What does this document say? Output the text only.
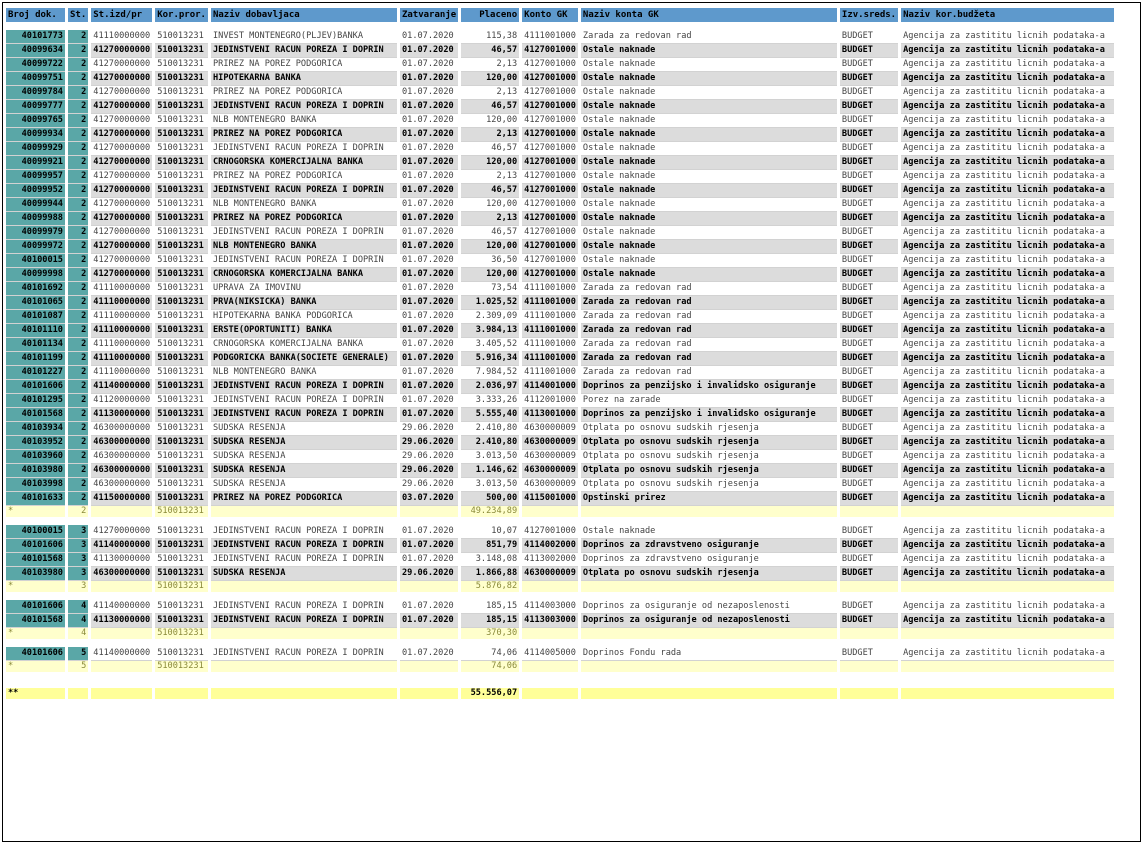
Broj dok.	St.	St.izd/pr	Kor.pror.	Naziv dobavljaca	Zatvaranje	Placeno	Konto GK	Naziv konta GK	Izv.sreds.	Naziv kor.budžeta

40101773	2	41110000000	510013231	INVEST MONTENEGRO(PLJEV)BANKA	01.07.2020	115,38	4111001000	Zarada za redovan rad	BUDGET	Agencija za zastititu licnih podataka-a
40099634	2	41270000000	510013231	JEDINSTVENI RACUN POREZA I DOPRIN	01.07.2020	46,57	4127001000	Ostale naknade	BUDGET	Agencija za zastititu licnih podataka-a
40099722	2	41270000000	510013231	PRIREZ NA POREZ PODGORICA	01.07.2020	2,13	4127001000	Ostale naknade	BUDGET	Agencija za zastititu licnih podataka-a
40099751	2	41270000000	510013231	HIPOTEKARNA BANKA	01.07.2020	120,00	4127001000	Ostale naknade	BUDGET	Agencija za zastititu licnih podataka-a
40099784	2	41270000000	510013231	PRIREZ NA POREZ PODGORICA	01.07.2020	2,13	4127001000	Ostale naknade	BUDGET	Agencija za zastititu licnih podataka-a
40099777	2	41270000000	510013231	JEDINSTVENI RACUN POREZA I DOPRIN	01.07.2020	46,57	4127001000	Ostale naknade	BUDGET	Agencija za zastititu licnih podataka-a
40099765	2	41270000000	510013231	NLB MONTENEGRO BANKA	01.07.2020	120,00	4127001000	Ostale naknade	BUDGET	Agencija za zastititu licnih podataka-a
40099934	2	41270000000	510013231	PRIREZ NA POREZ PODGORICA	01.07.2020	2,13	4127001000	Ostale naknade	BUDGET	Agencija za zastititu licnih podataka-a
40099929	2	41270000000	510013231	JEDINSTVENI RACUN POREZA I DOPRIN	01.07.2020	46,57	4127001000	Ostale naknade	BUDGET	Agencija za zastititu licnih podataka-a
40099921	2	41270000000	510013231	CRNOGORSKA KOMERCIJALNA BANKA	01.07.2020	120,00	4127001000	Ostale naknade	BUDGET	Agencija za zastititu licnih podataka-a
40099957	2	41270000000	510013231	PRIREZ NA POREZ PODGORICA	01.07.2020	2,13	4127001000	Ostale naknade	BUDGET	Agencija za zastititu licnih podataka-a
40099952	2	41270000000	510013231	JEDINSTVENI RACUN POREZA I DOPRIN	01.07.2020	46,57	4127001000	Ostale naknade	BUDGET	Agencija za zastititu licnih podataka-a
40099944	2	41270000000	510013231	NLB MONTENEGRO BANKA	01.07.2020	120,00	4127001000	Ostale naknade	BUDGET	Agencija za zastititu licnih podataka-a
40099988	2	41270000000	510013231	PRIREZ NA POREZ PODGORICA	01.07.2020	2,13	4127001000	Ostale naknade	BUDGET	Agencija za zastititu licnih podataka-a
40099979	2	41270000000	510013231	JEDINSTVENI RACUN POREZA I DOPRIN	01.07.2020	46,57	4127001000	Ostale naknade	BUDGET	Agencija za zastititu licnih podataka-a
40099972	2	41270000000	510013231	NLB MONTENEGRO BANKA	01.07.2020	120,00	4127001000	Ostale naknade	BUDGET	Agencija za zastititu licnih podataka-a
40100015	2	41270000000	510013231	JEDINSTVENI RACUN POREZA I DOPRIN	01.07.2020	36,50	4127001000	Ostale naknade	BUDGET	Agencija za zastititu licnih podataka-a
40099998	2	41270000000	510013231	CRNOGORSKA KOMERCIJALNA BANKA	01.07.2020	120,00	4127001000	Ostale naknade	BUDGET	Agencija za zastititu licnih podataka-a
40101692	2	41110000000	510013231	UPRAVA ZA IMOVINU	01.07.2020	73,54	4111001000	Zarada za redovan rad	BUDGET	Agencija za zastititu licnih podataka-a
40101065	2	41110000000	510013231	PRVA(NIKSICKA) BANKA	01.07.2020	1.025,52	4111001000	Zarada za redovan rad	BUDGET	Agencija za zastititu licnih podataka-a
40101087	2	41110000000	510013231	HIPOTEKARNA BANKA PODGORICA	01.07.2020	2.309,09	4111001000	Zarada za redovan rad	BUDGET	Agencija za zastititu licnih podataka-a
40101110	2	41110000000	510013231	ERSTE(OPORTUNITI) BANKA	01.07.2020	3.984,13	4111001000	Zarada za redovan rad	BUDGET	Agencija za zastititu licnih podataka-a
40101134	2	41110000000	510013231	CRNOGORSKA KOMERCIJALNA BANKA	01.07.2020	3.405,52	4111001000	Zarada za redovan rad	BUDGET	Agencija za zastititu licnih podataka-a
40101199	2	41110000000	510013231	PODGORICKA BANKA(SOCIETE GENERALE)	01.07.2020	5.916,34	4111001000	Zarada za redovan rad	BUDGET	Agencija za zastititu licnih podataka-a
40101227	2	41110000000	510013231	NLB MONTENEGRO BANKA	01.07.2020	7.984,52	4111001000	Zarada za redovan rad	BUDGET	Agencija za zastititu licnih podataka-a
40101606	2	41140000000	510013231	JEDINSTVENI RACUN POREZA I DOPRIN	01.07.2020	2.036,97	4114001000	Doprinos za penzijsko i invalidsko osiguranje	BUDGET	Agencija za zastititu licnih podataka-a
40101295	2	41120000000	510013231	JEDINSTVENI RACUN POREZA I DOPRIN	01.07.2020	3.333,26	4112001000	Porez na zarade	BUDGET	Agencija za zastititu licnih podataka-a
40101568	2	41130000000	510013231	JEDINSTVENI RACUN POREZA I DOPRIN	01.07.2020	5.555,40	4113001000	Doprinos za penzijsko i invalidsko osiguranje	BUDGET	Agencija za zastititu licnih podataka-a
40103934	2	46300000000	510013231	SUDSKA RESENJA	29.06.2020	2.410,80	4630000009	Otplata po osnovu sudskih rjesenja	BUDGET	Agencija za zastititu licnih podataka-a
40103952	2	46300000000	510013231	SUDSKA RESENJA	29.06.2020	2.410,80	4630000009	Otplata po osnovu sudskih rjesenja	BUDGET	Agencija za zastititu licnih podataka-a
40103960	2	46300000000	510013231	SUDSKA RESENJA	29.06.2020	3.013,50	4630000009	Otplata po osnovu sudskih rjesenja	BUDGET	Agencija za zastititu licnih podataka-a
40103980	2	46300000000	510013231	SUDSKA RESENJA	29.06.2020	1.146,62	4630000009	Otplata po osnovu sudskih rjesenja	BUDGET	Agencija za zastititu licnih podataka-a
40103998	2	46300000000	510013231	SUDSKA RESENJA	29.06.2020	3.013,50	4630000009	Otplata po osnovu sudskih rjesenja	BUDGET	Agencija za zastititu licnih podataka-a
40101633	2	41150000000	510013231	PRIREZ NA POREZ PODGORICA	03.07.2020	500,00	4115001000	Opstinski prirez	BUDGET	Agencija za zastititu licnih podataka-a
*	2		510013231			49.234,89				

40100015	3	41270000000	510013231	JEDINSTVENI RACUN POREZA I DOPRIN	01.07.2020	10,07	4127001000	Ostale naknade	BUDGET	Agencija za zastititu licnih podataka-a
40101606	3	41140000000	510013231	JEDINSTVENI RACUN POREZA I DOPRIN	01.07.2020	851,79	4114002000	Doprinos za zdravstveno osiguranje	BUDGET	Agencija za zastititu licnih podataka-a
40101568	3	41130000000	510013231	JEDINSTVENI RACUN POREZA I DOPRIN	01.07.2020	3.148,08	4113002000	Doprinos za zdravstveno osiguranje	BUDGET	Agencija za zastititu licnih podataka-a
40103980	3	46300000000	510013231	SUDSKA RESENJA	29.06.2020	1.866,88	4630000009	Otplata po osnovu sudskih rjesenja	BUDGET	Agencija za zastititu licnih podataka-a
*	3		510013231			5.876,82				

40101606	4	41140000000	510013231	JEDINSTVENI RACUN POREZA I DOPRIN	01.07.2020	185,15	4114003000	Doprinos za osiguranje od nezaposlenosti	BUDGET	Agencija za zastititu licnih podataka-a
40101568	4	41130000000	510013231	JEDINSTVENI RACUN POREZA I DOPRIN	01.07.2020	185,15	4113003000	Doprinos za osiguranje od nezaposlenosti	BUDGET	Agencija za zastititu licnih podataka-a
*	4		510013231			370,30				

40101606	5	41140000000	510013231	JEDINSTVENI RACUN POREZA I DOPRIN	01.07.2020	74,06	4114005000	Doprinos Fondu rada	BUDGET	Agencija za zastititu licnih podataka-a
*	5		510013231			74,06				

**						55.556,07				
